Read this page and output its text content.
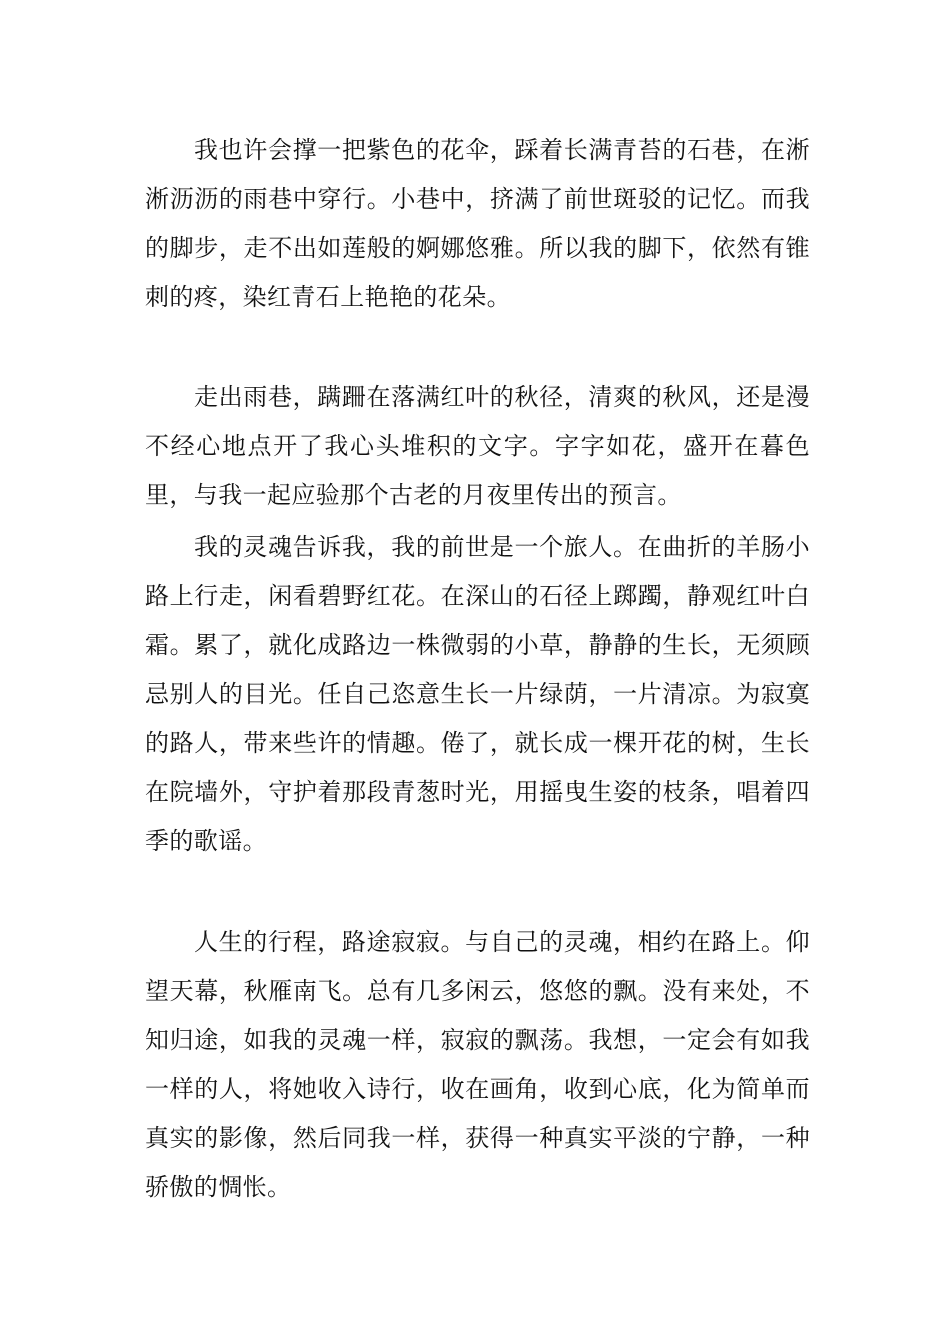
我也许会撑一把紫色的花伞，踩着长满青苔的石巷，在淅淅沥沥的雨巷中穿行。小巷中，挤满了前世斑驳的记忆。而我的脚步，走不出如莲般的婀娜悠雅。所以我的脚下，依然有锥刺的疼，染红青石上艳艳的花朵。

走出雨巷，蹒跚在落满红叶的秋径，清爽的秋风，还是漫不经心地点开了我心头堆积的文字。字字如花，盛开在暮色里，与我一起应验那个古老的月夜里传出的预言。

我的灵魂告诉我，我的前世是一个旅人。在曲折的羊肠小路上行走，闲看碧野红花。在深山的石径上踯躅，静观红叶白霜。累了，就化成路边一株微弱的小草，静静的生长，无须顾忌别人的目光。任自己恣意生长一片绿荫，一片清凉。为寂寞的路人，带来些许的情趣。倦了，就长成一棵开花的树，生长在院墙外，守护着那段青葱时光，用摇曳生姿的枝条，唱着四季的歌谣。

人生的行程，路途寂寂。与自己的灵魂，相约在路上。仰望天幕，秋雁南飞。总有几多闲云，悠悠的飘。没有来处，不知归途，如我的灵魂一样，寂寂的飘荡。我想，一定会有如我一样的人，将她收入诗行，收在画角，收到心底，化为简单而真实的影像，然后同我一样，获得一种真实平淡的宁静，一种骄傲的惆怅。
